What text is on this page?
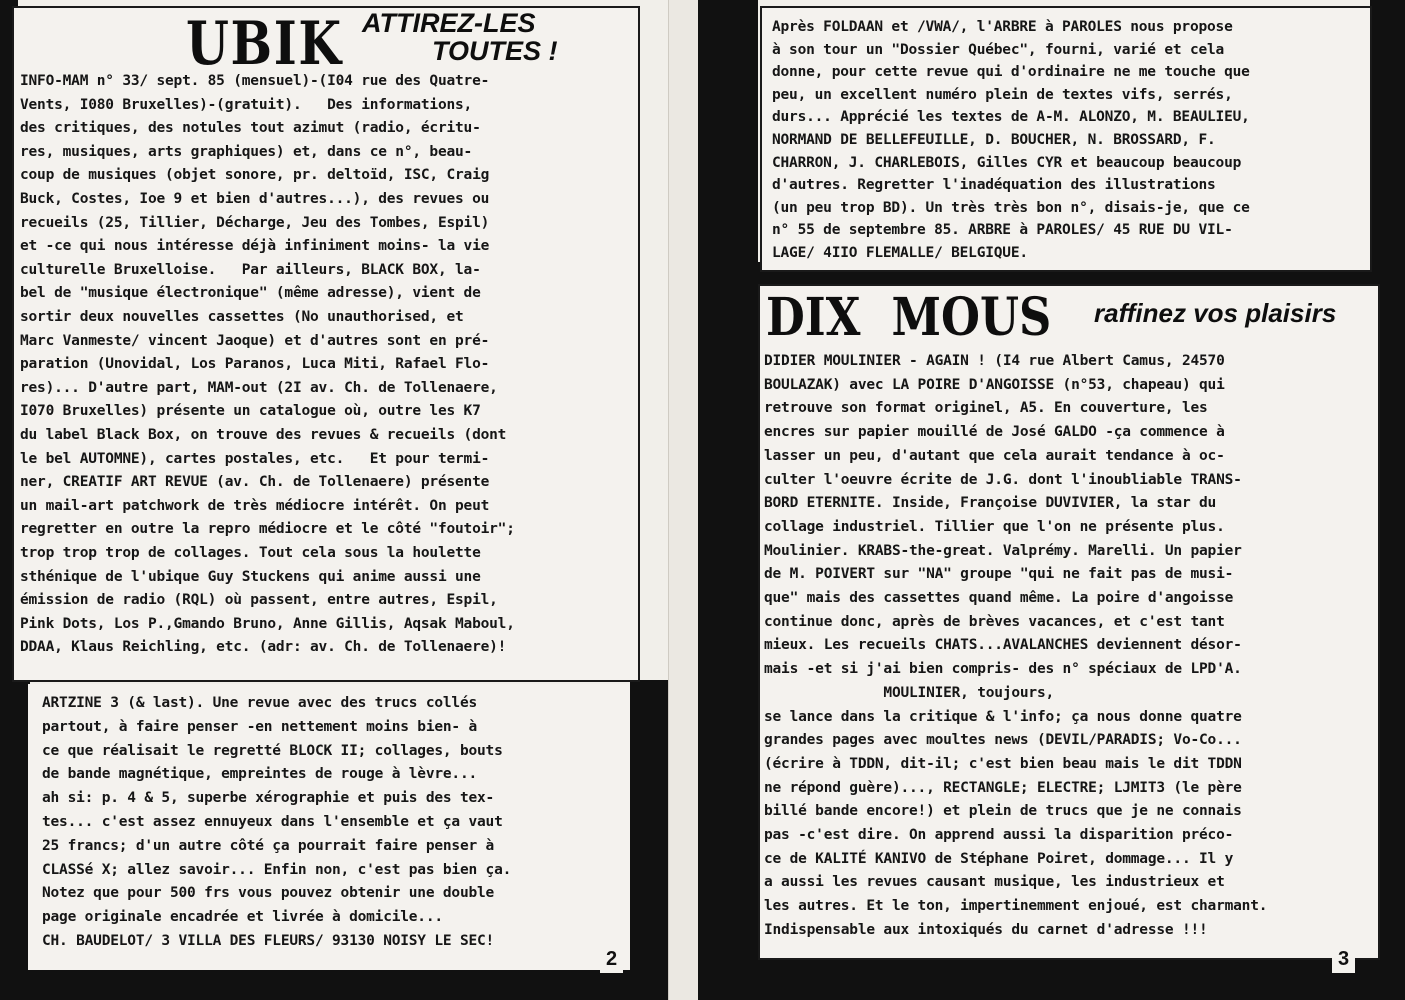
UBIK ATTIREZ-LES
TOUTES !
INFO-MAM n° 33/ sept. 85 (mensuel)-(I04 rue des Quatre-
Vents, I080 Bruxelles)-(gratuit).   Des informations,
des critiques, des notules tout azimut (radio, écritu-
res, musiques, arts graphiques) et, dans ce n°, beau-
coup de musiques (objet sonore, pr. deltoïd, ISC, Craig
Buck, Costes, Ioe 9 et bien d'autres...), des revues ou
recueils (25, Tillier, Décharge, Jeu des Tombes, Espil)
et -ce qui nous intéresse déjà infiniment moins- la vie
culturelle Bruxelloise.   Par ailleurs, BLACK BOX, la-
bel de "musique électronique" (même adresse), vient de
sortir deux nouvelles cassettes (No unauthorised, et
Marc Vanmeste/ vincent Jaoque) et d'autres sont en pré-
paration (Unovidal, Los Paranos, Luca Miti, Rafael Flo-
res)... D'autre part, MAM-out (2I av. Ch. de Tollenaere,
I070 Bruxelles) présente un catalogue où, outre les K7
du label Black Box, on trouve des revues & recueils (dont
le bel AUTOMNE), cartes postales, etc.   Et pour termi-
ner, CREATIF ART REVUE (av. Ch. de Tollenaere) présente
un mail-art patchwork de très médiocre intérêt. On peut
regretter en outre la repro médiocre et le côté "foutoir";
trop trop trop de collages. Tout cela sous la houlette
sthénique de l'ubique Guy Stuckens qui anime aussi une
émission de radio (RQL) où passent, entre autres, Espil,
Pink Dots, Los P.,Gmando Bruno, Anne Gillis, Aqsak Maboul,
DDAA, Klaus Reichling, etc. (adr: av. Ch. de Tollenaere)!
ARTZINE 3 (& last). Une revue avec des trucs collés
partout, à faire penser -en nettement moins bien- à
ce que réalisait le regretté BLOCK II; collages, bouts
de bande magnétique, empreintes de rouge à lèvre...
ah si: p. 4 & 5, superbe xérographie et puis des tex-
tes... c'est assez ennuyeux dans l'ensemble et ça vaut
25 francs; d'un autre côté ça pourrait faire penser à
CLASSé X; allez savoir... Enfin non, c'est pas bien ça.
Notez que pour 500 frs vous pouvez obtenir une double
page originale encadrée et livrée à domicile...
CH. BAUDELOT/ 3 VILLA DES FLEURS/ 93130 NOISY LE SEC!
2
Après FOLDAAN et /VWA/, l'ARBRE à PAROLES nous propose
à son tour un "Dossier Québec", fourni, varié et cela
donne, pour cette revue qui d'ordinaire ne me touche que
peu, un excellent numéro plein de textes vifs, serrés,
durs... Apprécié les textes de A-M. ALONZO, M. BEAULIEU,
NORMAND DE BELLEFEUILLE, D. BOUCHER, N. BROSSARD, F.
CHARRON, J. CHARLEBOIS, Gilles CYR et beaucoup beaucoup
d'autres. Regretter l'inadéquation des illustrations
(un peu trop BD). Un très très bon n°, disais-je, que ce
n° 55 de septembre 85. ARBRE à PAROLES/ 45 RUE DU VIL-
LAGE/ 4IIO FLEMALLE/ BELGIQUE.
DIX  MOUS raffinez vos plaisirs
DIDIER MOULINIER - AGAIN ! (I4 rue Albert Camus, 24570
BOULAZAK) avec LA POIRE D'ANGOISSE (n°53, chapeau) qui
retrouve son format originel, A5. En couverture, les
encres sur papier mouillé de José GALDO -ça commence à
lasser un peu, d'autant que cela aurait tendance à oc-
culter l'oeuvre écrite de J.G. dont l'inoubliable TRANS-
BORD ETERNITE. Inside, Françoise DUVIVIER, la star du
collage industriel. Tillier que l'on ne présente plus.
Moulinier. KRABS-the-great. Valprémy. Marelli. Un papier
de M. POIVERT sur "NA" groupe "qui ne fait pas de musi-
que" mais des cassettes quand même. La poire d'angoisse
continue donc, après de brèves vacances, et c'est tant
mieux. Les recueils CHATS...AVALANCHES deviennent désor-
mais -et si j'ai bien compris- des n° spéciaux de LPD'A.
MOULINIER, toujours,
se lance dans la critique & l'info; ça nous donne quatre
grandes pages avec moultes news (DEVIL/PARADIS; Vo-Co...
(écrire à TDDN, dit-il; c'est bien beau mais le dit TDDN
ne répond guère)..., RECTANGLE; ELECTRE; LJMIT3 (le père
billé bande encore!) et plein de trucs que je ne connais
pas -c'est dire. On apprend aussi la disparition préco-
ce de KALITÉ KANIVO de Stéphane Poiret, dommage... Il y
a aussi les revues causant musique, les industrieux et
les autres. Et le ton, impertinemment enjoué, est charmant.
Indispensable aux intoxiqués du carnet d'adresse !!!
3
